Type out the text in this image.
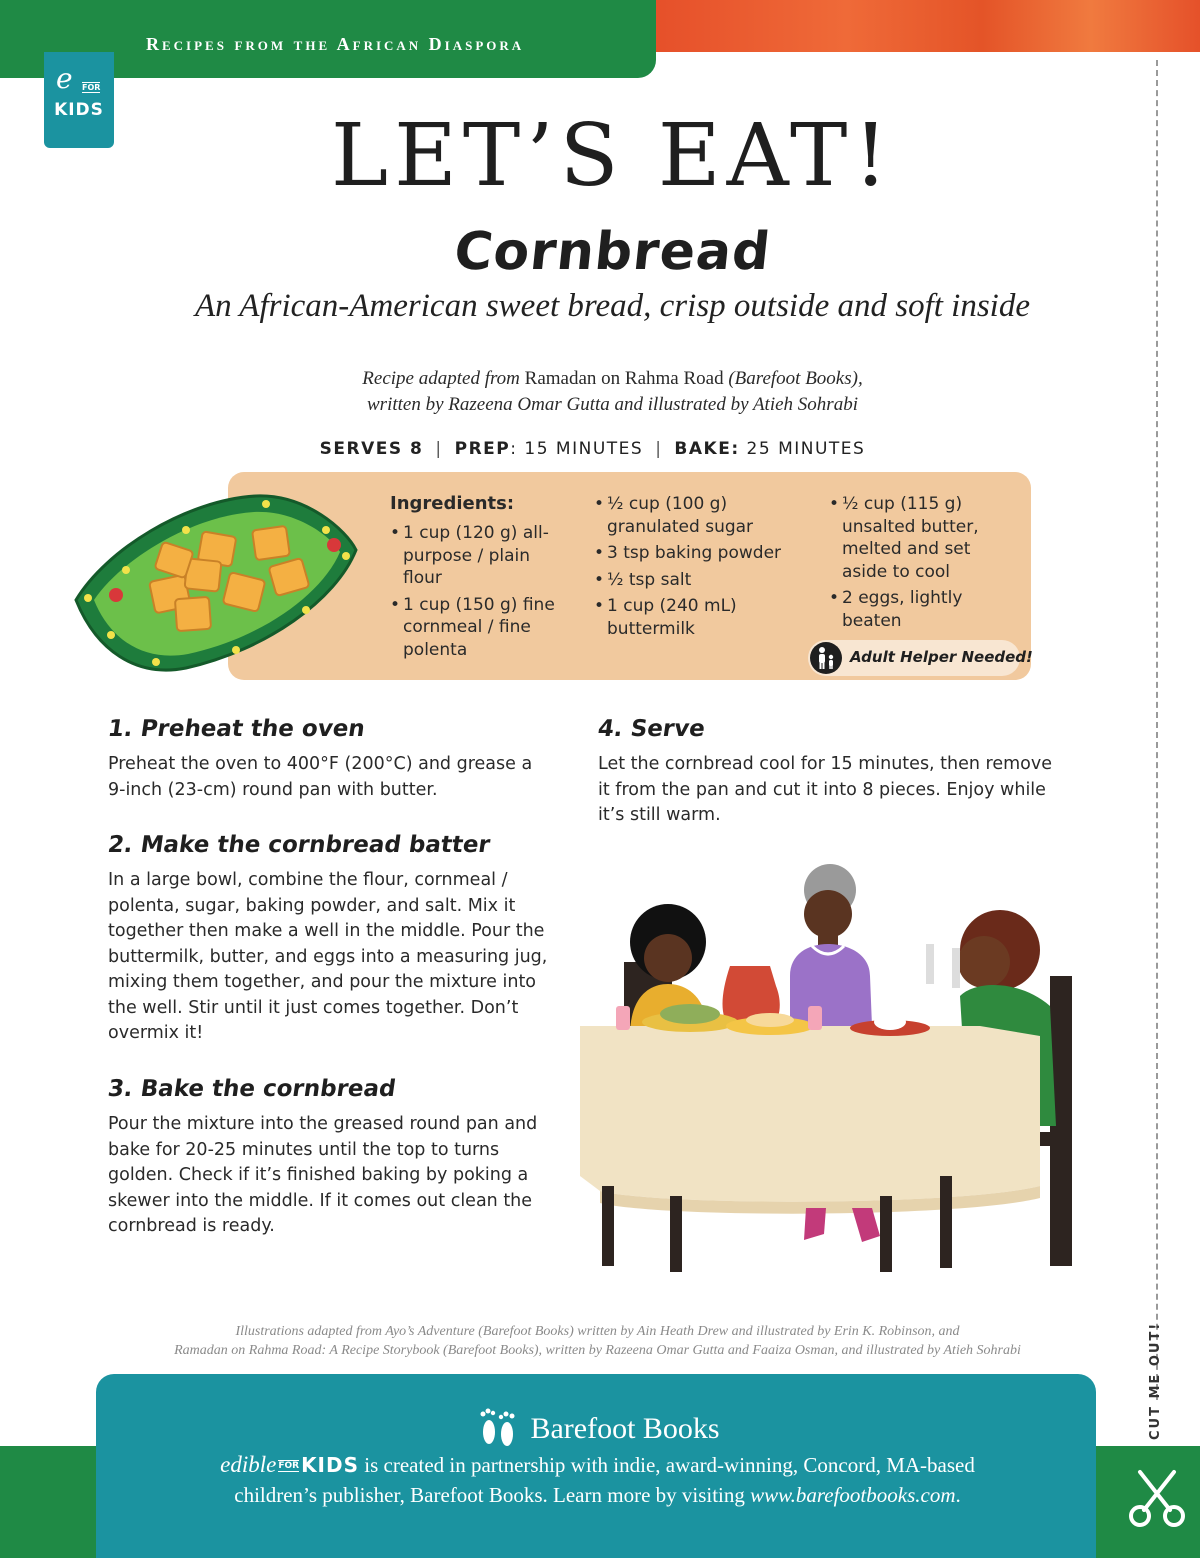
Recipes from the African Diaspora
e FOR
KIDS
CUT ME OUT!
LET’S EAT!
Cornbread
An African-American sweet bread, crisp outside and soft inside
Recipe adapted from Ramadan on Rahma Road (Barefoot Books),
written by Razeena Omar Gutta and illustrated by Atieh Sohrabi
SERVES 8 | PREP: 15 MINUTES | BAKE: 25 MINUTES
Ingredients:
• 1 cup (120 g) all-purpose / plain flour
• 1 cup (150 g) fine cornmeal / fine polenta
• ½ cup (100 g) granulated sugar
• 3 tsp baking powder
• ½ tsp salt
• 1 cup (240 mL) buttermilk
• ½ cup (115 g) unsalted butter, melted and set aside to cool
• 2 eggs, lightly beaten
Adult Helper Needed!
1. Preheat the oven
Preheat the oven to 400°F (200°C) and grease a 9-inch (23-cm) round pan with butter.
2. Make the cornbread batter
In a large bowl, combine the flour, cornmeal / polenta, sugar, baking powder, and salt. Mix it together then make a well in the middle. Pour the buttermilk, butter, and eggs into a measuring jug, mixing them together, and pour the mixture into the well. Stir until it just comes together. Don’t overmix it!
3. Bake the cornbread
Pour the mixture into the greased round pan and bake for 20-25 minutes until the top to turns golden. Check if it’s finished baking by poking a skewer into the middle. If it comes out clean the cornbread is ready.
4. Serve
Let the cornbread cool for 15 minutes, then remove it from the pan and cut it into 8 pieces. Enjoy while it’s still warm.
Illustrations adapted from Ayo’s Adventure (Barefoot Books) written by Ain Heath Drew and illustrated by Erin K. Robinson, and
Ramadan on Rahma Road: A Recipe Storybook (Barefoot Books), written by Razeena Omar Gutta and Faaiza Osman, and illustrated by Atieh Sohrabi
Barefoot Books
edible FOR KIDS is created in partnership with indie, award-winning, Concord, MA-based
children’s publisher, Barefoot Books. Learn more by visiting www.barefootbooks.com.
